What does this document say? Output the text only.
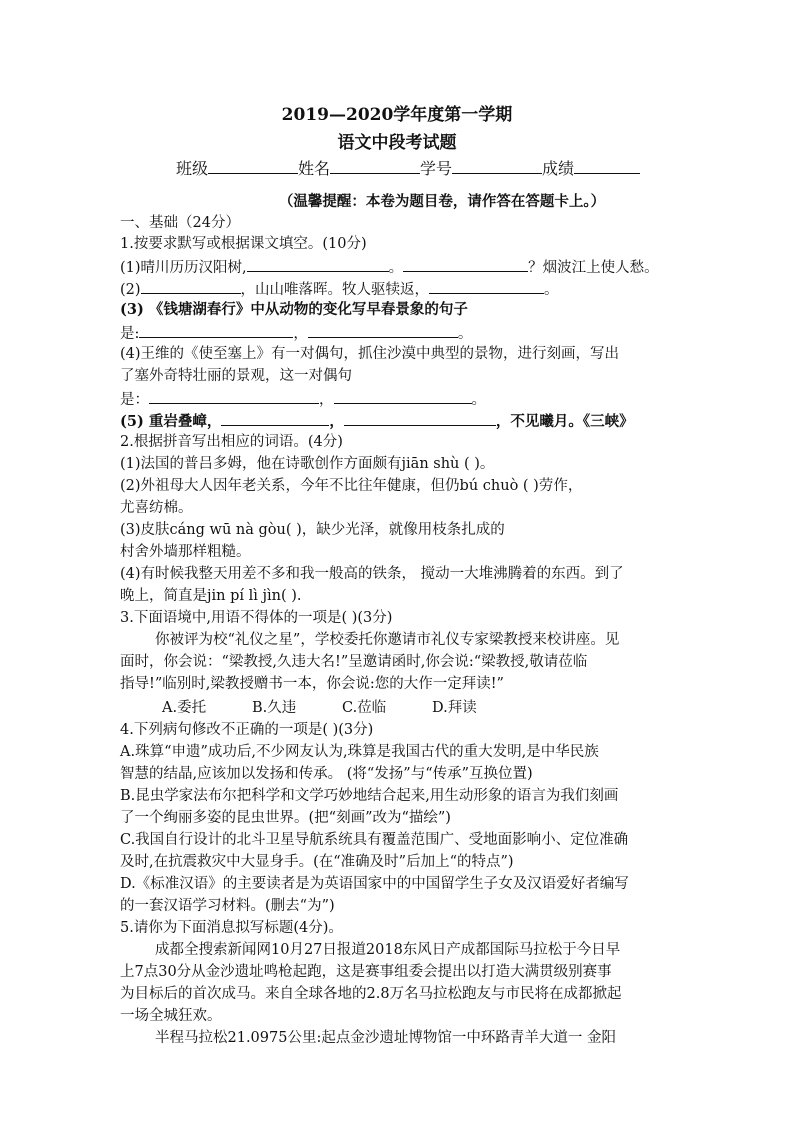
2019—2020学年度第一学期
语文中段考试题
班级	姓名	学号	成绩
（温馨提醒：本卷为题目卷，请作答在答题卡上。）
一、基础（24分）
1.按要求默写或根据课文填空。(10分)
(1)晴川历历汉阳树,	。	？烟波江上使人愁。
(2)	，山山唯落晖。牧人驱犊返，	。
(3) 《钱塘湖春行》中从动物的变化写早春景象的句子
是:	，	。
(4)王维的《使至塞上》有一对偶句，抓住沙漠中典型的景物，进行刻画，写出
了塞外奇特壮丽的景观，这一对偶句
是：	，	。
(5) 重岩叠嶂，	，	，不见曦月。《三峡》
2.根据拼音写出相应的词语。(4分)
(1)法国的普吕多姆，他在诗歌创作方面颇有jiān shù ( )。
(2)外祖母大人因年老关系，今年不比往年健康，但仍bú chuò ( )劳作，
尤喜纺棉。
(3)皮肤cáng wū nà gòu( )，缺少光泽，就像用枝条扎成的
村舍外墙那样粗糙。
(4)有时候我整天用差不多和我一般高的铁条， 搅动一大堆沸腾着的东西。到了
晚上，简直是jin pí lì jìn( ).
3.下面语境中,用语不得体的一项是( )(3分)
你被评为校“礼仪之星”，学校委托你邀请市礼仪专家梁教授来校讲座。见
面时，你会说：“梁教授,久违大名!”呈邀请函时,你会说:“梁教授,敬请莅临
指导!”临别时,梁教授赠书一本，你会说:您的大作一定拜读!”
A.委托	B.久违	C.莅临	D.拜读
4.下列病句修改不正确的一项是( )(3分)
A.珠算“申遗”成功后,不少网友认为,珠算是我国古代的重大发明,是中华民族
智慧的结晶,应该加以发扬和传承。 (将“发扬”与“传承”互换位置)
B.昆虫学家法布尔把科学和文学巧妙地结合起来,用生动形象的语言为我们刻画
了一个绚丽多姿的昆虫世界。(把“刻画”改为“描绘”)
C.我国自行设计的北斗卫星导航系统具有覆盖范围广、受地面影响小、定位准确
及时,在抗震救灾中大显身手。(在“准确及时”后加上“的特点”)
D.《标准汉语》的主要读者是为英语国家中的中国留学生子女及汉语爱好者编写
的一套汉语学习材料。(删去“为”)
5.请你为下面消息拟写标题(4分)。
成都全搜索新闻网10月27日报道2018东风日产成都国际马拉松于今日早
上7点30分从金沙遗址鸣枪起跑，这是赛事组委会提出以打造大满贯级别赛事
为目标后的首次成马。来自全球各地的2.8万名马拉松跑友与市民将在成都掀起
一场全城狂欢。
半程马拉松21.0975公里:起点金沙遗址博物馆一中环路青羊大道一 金阳
